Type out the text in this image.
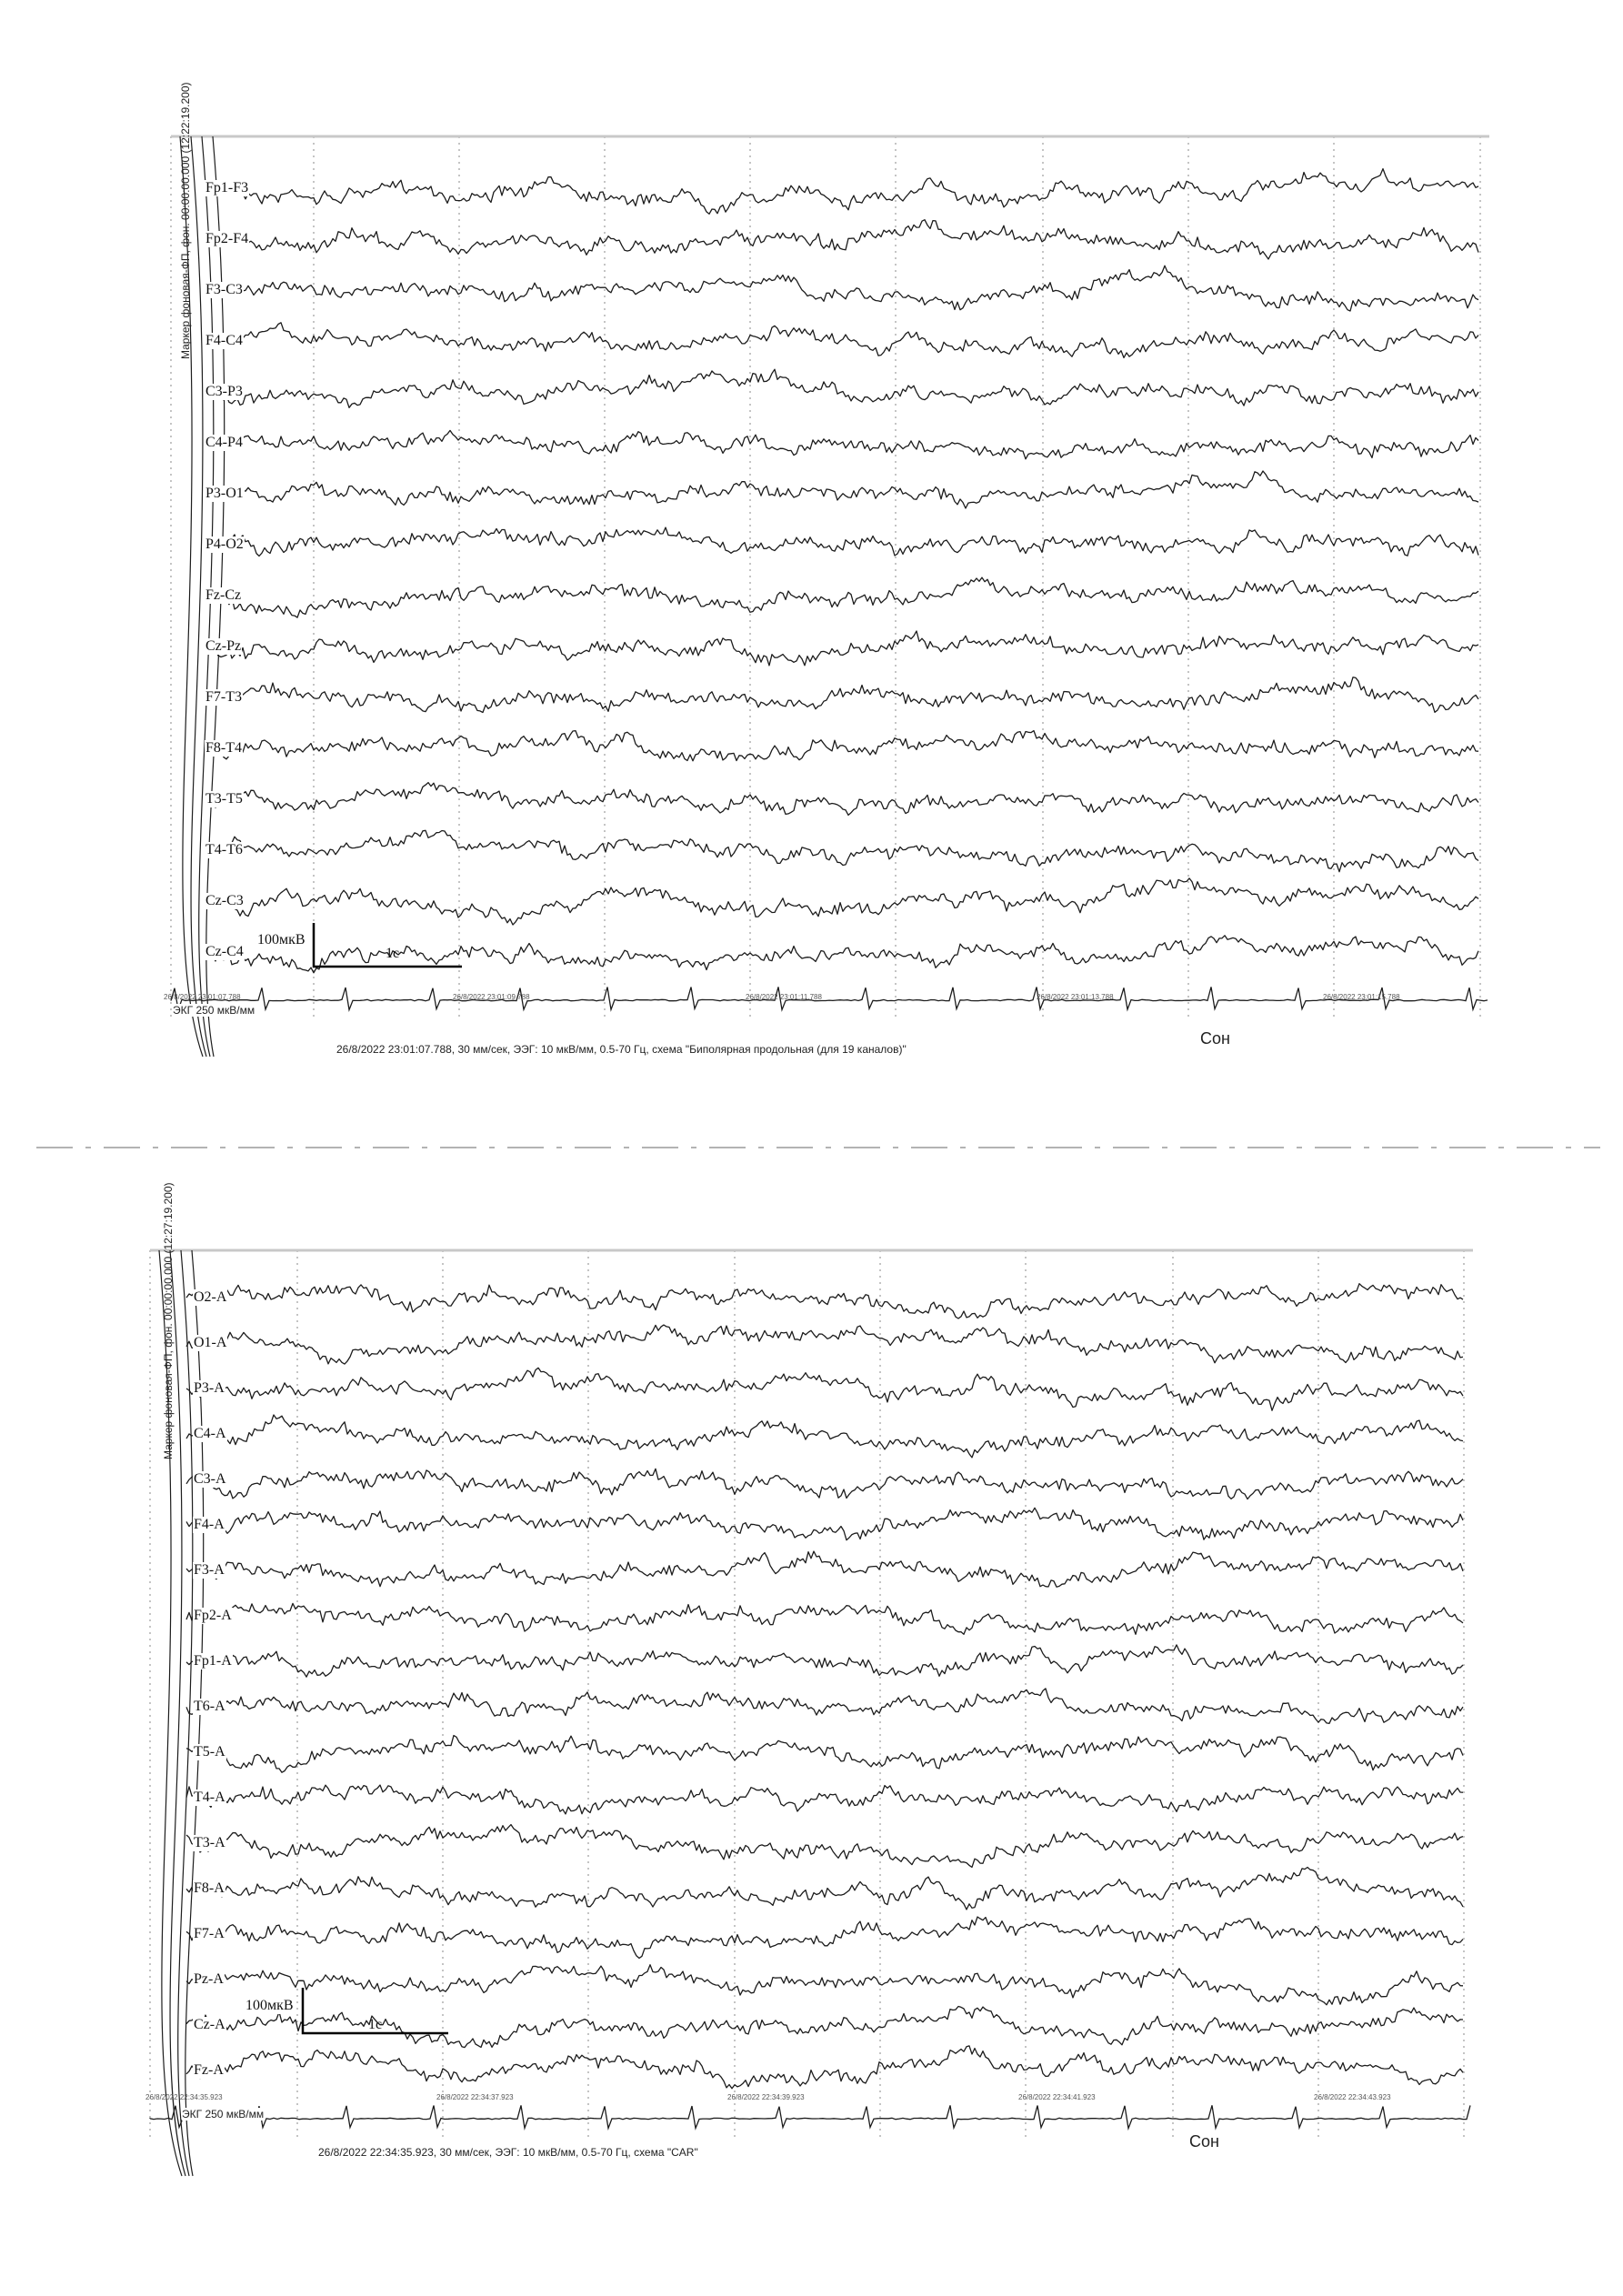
Маркер фоновая-ФП, фон. 00:00:00.000 (12:22:19.200) Fp1-F3
Fp2-F4
F3-C3
F4-C4
C3-P3
C4-P4
P3-O1
P4-O2
Fz-Cz
Cz-Pz
F7-T3
F8-T4
T3-T5
T4-T6
Cz-C3
Cz-C4
100мкВ
1с
ЭКГ 250 мкВ/мм
26/8/2022 23:01:07.788	26/8/2022 23:01:09.788	26/8/2022 23:01:11.788	26/8/2022 23:01:13.788	26/8/2022 23:01:15.788
26/8/2022 23:01:07.788, 30 мм/сек, ЭЭГ: 10 мкВ/мм, 0.5-70 Гц, схема "Биполярная продольная (для 19 каналов)"
Сон
Маркер фоновая-ФП, фон. 00:00:00.000 (12:27:19.200) O2-A
O1-A
P3-A
C4-A
C3-A
F4-A
F3-A
Fp2-A
Fp1-A
T6-A
T5-A
T4-A
T3-A
F8-A
F7-A
Pz-A
Cz-A
Fz-A
100мкВ
1с
ЭКГ 250 мкВ/мм
26/8/2022 22:34:35.923	26/8/2022 22:34:37.923	26/8/2022 22:34:39.923	26/8/2022 22:34:41.923	26/8/2022 22:34:43.923
26/8/2022 22:34:35.923, 30 мм/сек, ЭЭГ: 10 мкВ/мм, 0.5-70 Гц, схема "CAR"
Сон
